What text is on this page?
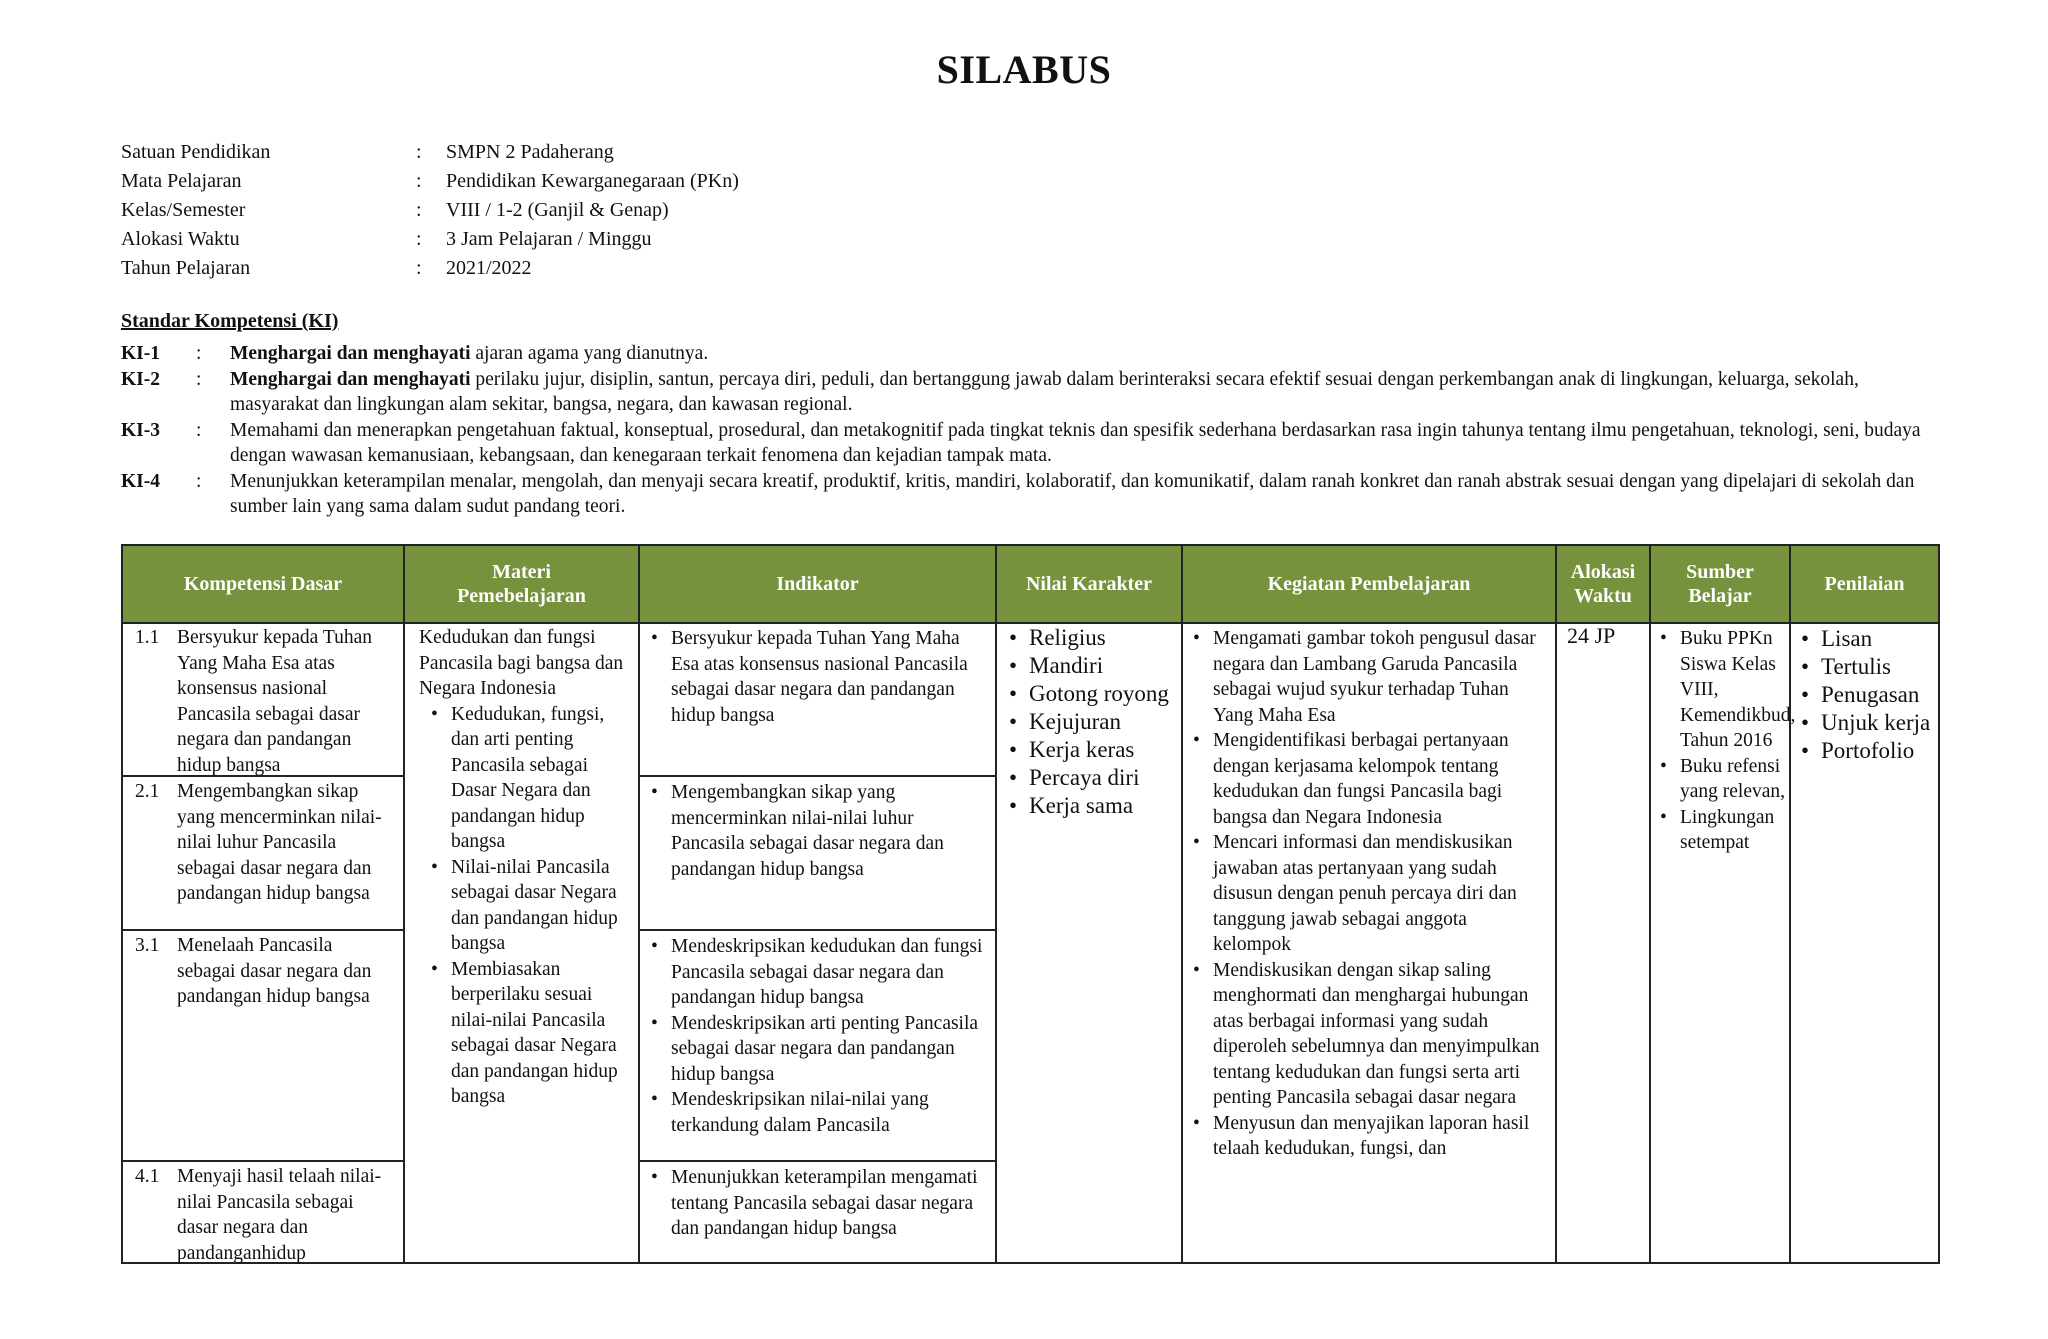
SILABUS
Satuan Pendidikan	:	SMPN 2 Padaherang
Mata Pelajaran	:	Pendidikan Kewarganegaraan (PKn)
Kelas/Semester	:	VIII / 1-2 (Ganjil & Genap)
Alokasi Waktu	:	3 Jam Pelajaran / Minggu
Tahun Pelajaran	:	2021/2022
Standar Kompetensi (KI)
KI-1	:	Menghargai dan menghayati ajaran agama yang dianutnya.
KI-2	:	Menghargai dan menghayati perilaku jujur, disiplin, santun, percaya diri, peduli, dan bertanggung jawab dalam berinteraksi secara efektif sesuai dengan perkembangan anak di lingkungan, keluarga, sekolah, masyarakat dan lingkungan alam sekitar, bangsa, negara, dan kawasan regional.
KI-3	:	Memahami dan menerapkan pengetahuan faktual, konseptual, prosedural, dan metakognitif pada tingkat teknis dan spesifik sederhana berdasarkan rasa ingin tahunya tentang ilmu pengetahuan, teknologi, seni, budaya dengan wawasan kemanusiaan, kebangsaan, dan kenegaraan terkait fenomena dan kejadian tampak mata.
KI-4	:	Menunjukkan keterampilan menalar, mengolah, dan menyaji secara kreatif, produktif, kritis, mandiri, kolaboratif, dan komunikatif, dalam ranah konkret dan ranah abstrak sesuai dengan yang dipelajari di sekolah dan sumber lain yang sama dalam sudut pandang teori.
Kompetensi Dasar
Materi Pemebelajaran
Indikator	Nilai Karakter	Kegiatan Pembelajaran
Alokasi Waktu
Sumber Belajar
Penilaian
1.1 Bersyukur kepada Tuhan Yang Maha Esa atas konsensus nasional Pancasila sebagai dasar negara dan pandangan hidup bangsa
2.1 Mengembangkan sikap yang mencerminkan nilai-nilai luhur Pancasila sebagai dasar negara dan pandangan hidup bangsa
3.1 Menelaah Pancasila sebagai dasar negara dan pandangan hidup bangsa
4.1 Menyaji hasil telaah nilai-nilai Pancasila sebagai dasar negara dan pandanganhidup
Kedudukan dan fungsi Pancasila bagi bangsa dan Negara Indonesia
• Kedudukan, fungsi, dan arti penting Pancasila sebagai Dasar Negara dan pandangan hidup bangsa
• Nilai-nilai Pancasila sebagai dasar Negara dan pandangan hidup bangsa
• Membiasakan berperilaku sesuai nilai-nilai Pancasila sebagai dasar Negara dan pandangan hidup bangsa
• Bersyukur kepada Tuhan Yang Maha Esa atas konsensus nasional Pancasila sebagai dasar negara dan pandangan hidup bangsa
• Mengembangkan sikap yang mencerminkan nilai-nilai luhur Pancasila sebagai dasar negara dan pandangan hidup bangsa
• Mendeskripsikan kedudukan dan fungsi Pancasila sebagai dasar negara dan pandangan hidup bangsa
• Mendeskripsikan arti penting Pancasila sebagai dasar negara dan pandangan hidup bangsa
• Mendeskripsikan nilai-nilai yang terkandung dalam Pancasila
• Menunjukkan keterampilan mengamati tentang Pancasila sebagai dasar negara dan pandangan hidup bangsa
• Religius
• Mandiri
• Gotong royong
• Kejujuran
• Kerja keras
• Percaya diri
• Kerja sama
• Mengamati gambar tokoh pengusul dasar negara dan Lambang Garuda Pancasila sebagai wujud syukur terhadap Tuhan Yang Maha Esa
• Mengidentifikasi berbagai pertanyaan dengan kerjasama kelompok tentang kedudukan dan fungsi Pancasila bagi bangsa dan Negara Indonesia
• Mencari informasi dan mendiskusikan jawaban atas pertanyaan yang sudah disusun dengan penuh percaya diri dan tanggung jawab sebagai anggota kelompok
• Mendiskusikan dengan sikap saling menghormati dan menghargai hubungan atas berbagai informasi yang sudah diperoleh sebelumnya dan menyimpulkan tentang kedudukan dan fungsi serta arti penting Pancasila sebagai dasar negara
• Menyusun dan menyajikan laporan hasil telaah kedudukan, fungsi, dan
24 JP
•	Buku PPKn Siswa Kelas VIII, Kemendikbud, Tahun 2016
• Buku refensi yang relevan,
• Lingkungan setempat
• Lisan
• Tertulis
• Penugasan
• Unjuk kerja
• Portofolio
